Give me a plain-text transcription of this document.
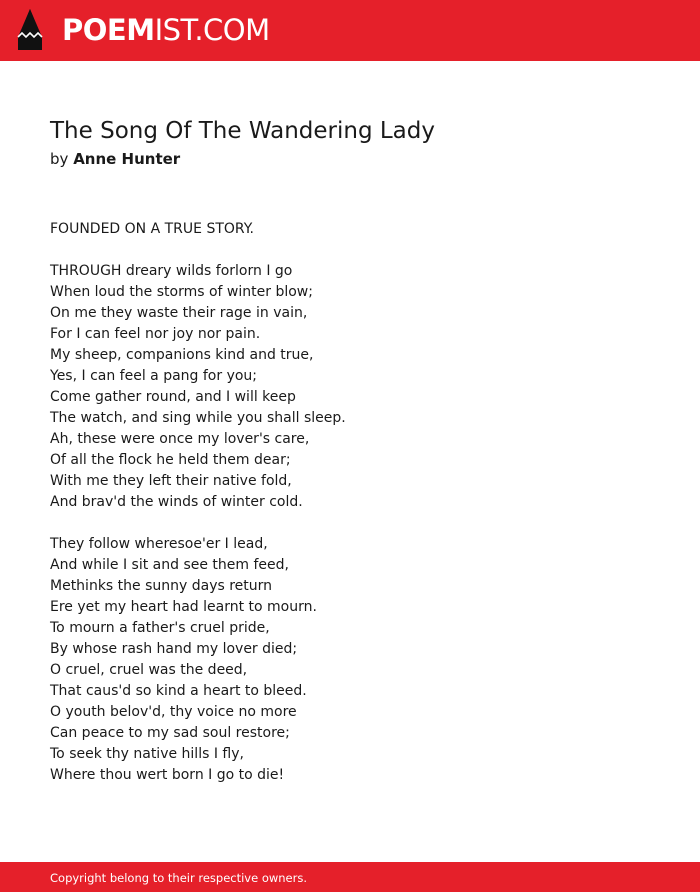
POEMIST.COM
The Song Of The Wandering Lady
by Anne Hunter
FOUNDED ON A TRUE STORY.
THROUGH dreary wilds forlorn I go
When loud the storms of winter blow;
On me they waste their rage in vain,
For I can feel nor joy nor pain.
My sheep, companions kind and true,
Yes, I can feel a pang for you;
Come gather round, and I will keep
The watch, and sing while you shall sleep.
Ah, these were once my lover's care,
Of all the flock he held them dear;
With me they left their native fold,
And brav'd the winds of winter cold.
They follow wheresoe'er I lead,
And while I sit and see them feed,
Methinks the sunny days return
Ere yet my heart had learnt to mourn.
To mourn a father's cruel pride,
By whose rash hand my lover died;
O cruel, cruel was the deed,
That caus'd so kind a heart to bleed.
O youth belov'd, thy voice no more
Can peace to my sad soul restore;
To seek thy native hills I fly,
Where thou wert born I go to die!
Copyright belong to their respective owners.
